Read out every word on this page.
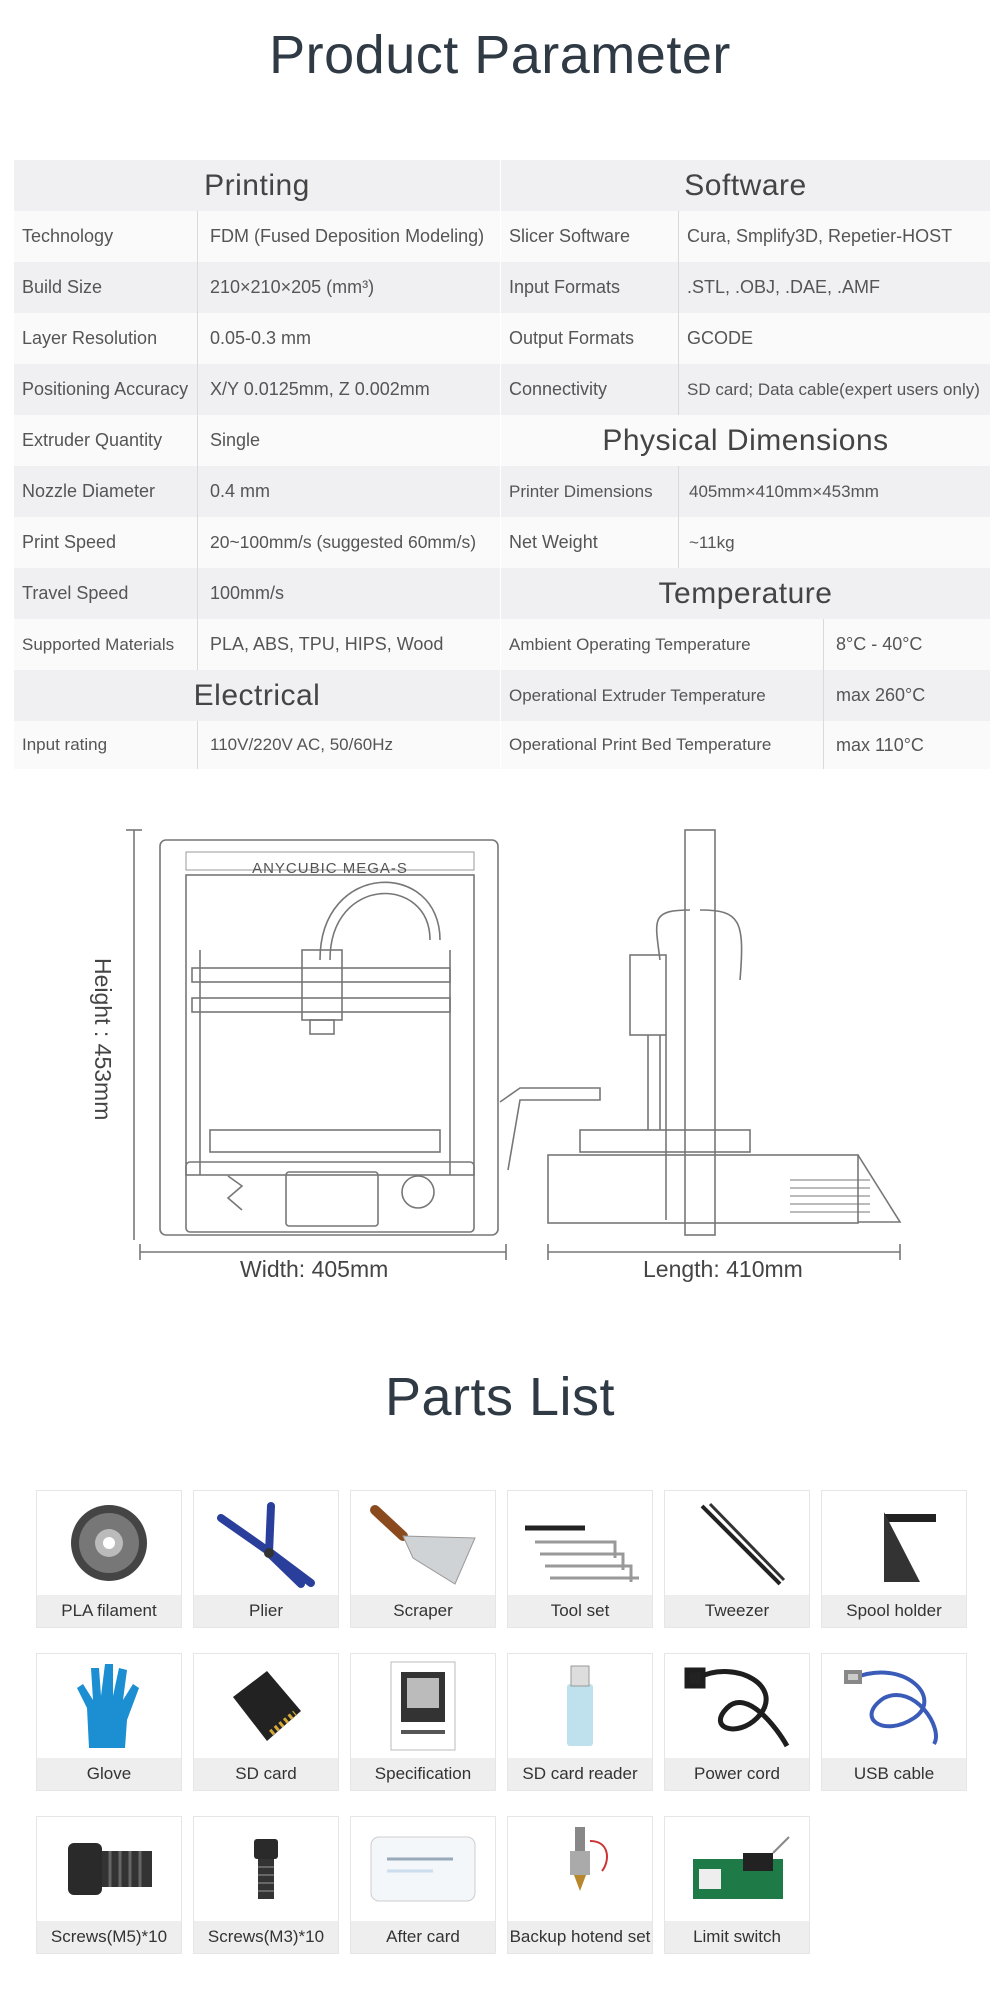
Product Parameter
Printing
Technology	FDM (Fused Deposition Modeling)
Build Size	210×210×205 (mm³)
Layer Resolution	0.05-0.3 mm
Positioning Accuracy	X/Y 0.0125mm, Z 0.002mm
Extruder Quantity	Single
Nozzle Diameter	0.4 mm
Print Speed	20~100mm/s (suggested 60mm/s)
Travel Speed	100mm/s
Supported Materials	PLA, ABS, TPU, HIPS, Wood
Electrical
Input rating	110V/220V AC, 50/60Hz
Software
Slicer Software	Cura, Smplify3D, Repetier-HOST
Input Formats	.STL, .OBJ, .DAE, .AMF
Output Formats	GCODE
Connectivity	SD card; Data cable(expert users only)
Physical Dimensions
Printer Dimensions	405mm×410mm×453mm
Net Weight	~11kg
Temperature
Ambient Operating Temperature	8°C - 40°C
Operational Extruder Temperature	max 260°C
Operational Print Bed Temperature	max 110°C
ANYCUBIC MEGA-S
Height : 453mm
Width: 405mm	Length: 410mm
Parts List
PLA filament	Plier	Scraper	Tool set	Tweezer	Spool holder
Glove	SD card	Specification	SD card reader	Power cord	USB cable
Screws(M5)*10	Screws(M3)*10	After card	Backup hotend set	Limit switch
